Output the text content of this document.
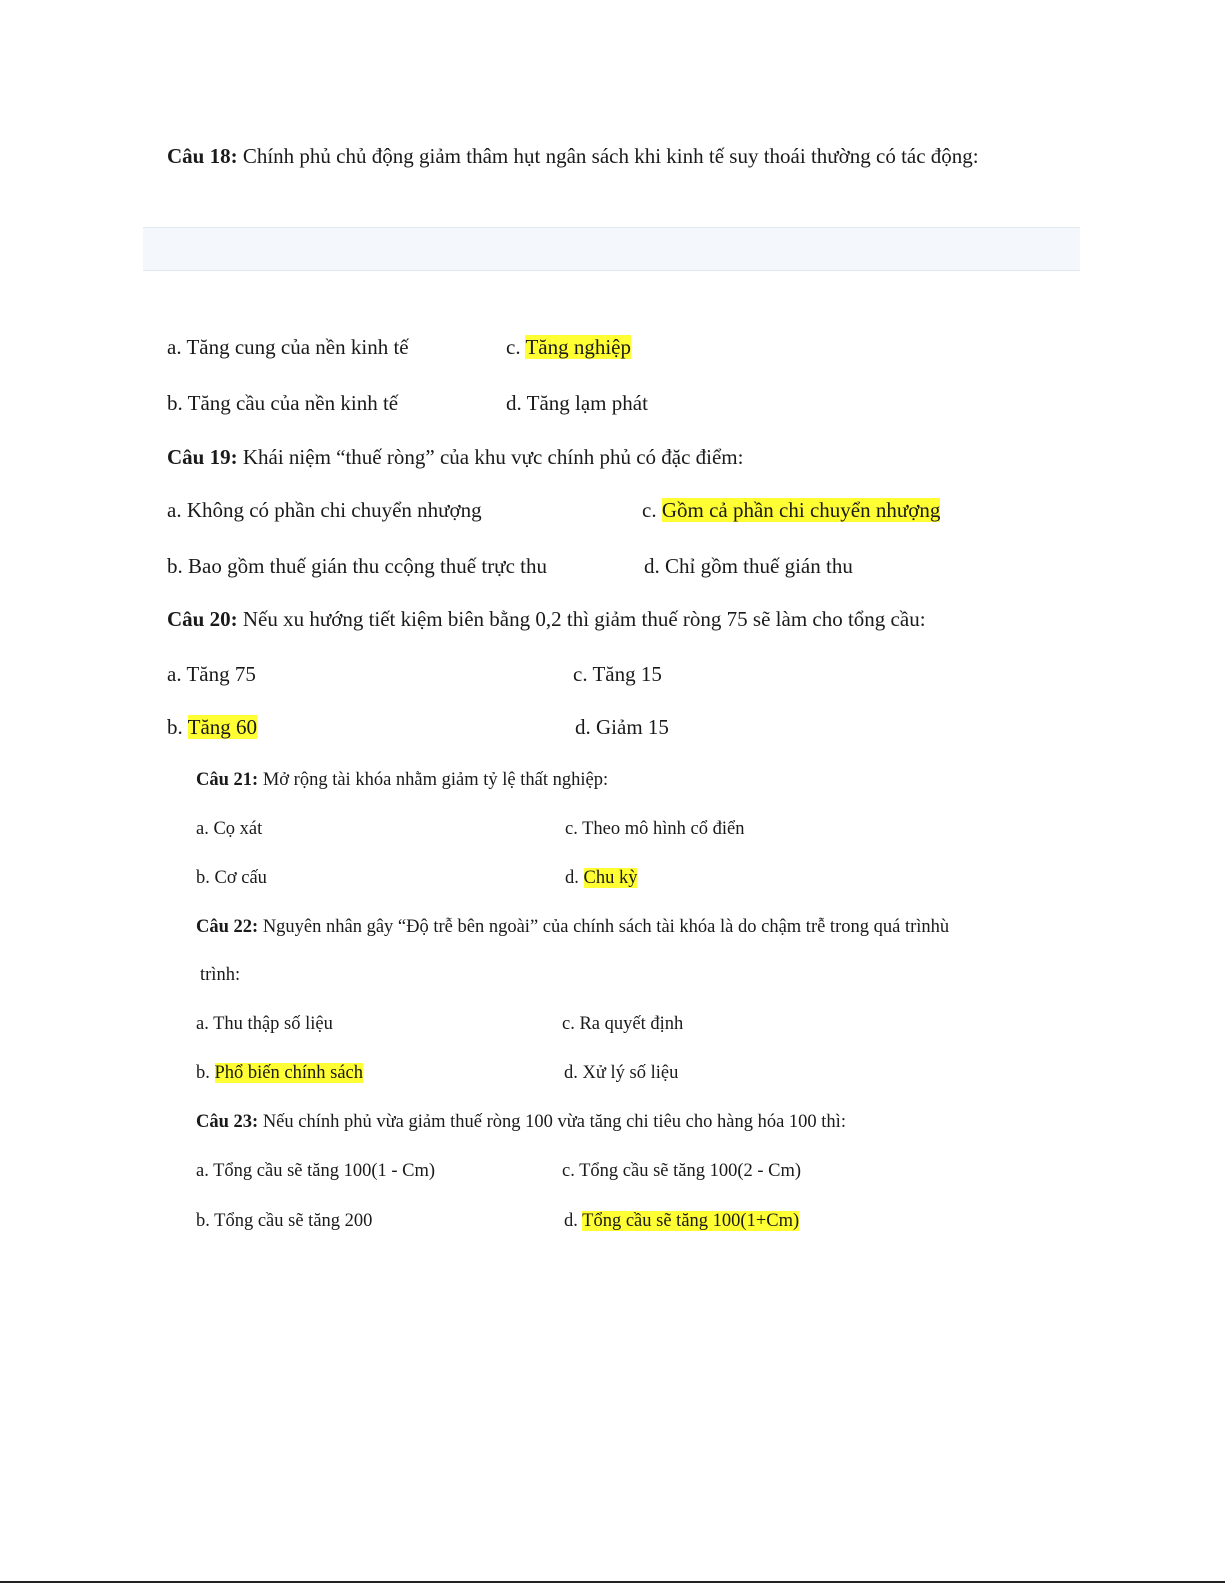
Câu 18: Chính phủ chủ động giảm thâm hụt ngân sách khi kinh tế suy thoái thường có tác động:
a. Tăng cung của nền kinh tế	c. Tăng nghiệp
b. Tăng cầu của nền kinh tế	d. Tăng lạm phát
Câu 19: Khái niệm “thuế ròng” của khu vực chính phủ có đặc điểm:
a. Không có phần chi chuyển nhượng	c. Gồm cả phần chi chuyển nhượng
b. Bao gồm thuế gián thu ccộng thuế trực thu	d. Chỉ gồm thuế gián thu
Câu 20: Nếu xu hướng tiết kiệm biên bằng 0,2 thì giảm thuế ròng 75 sẽ làm cho tổng cầu:
a. Tăng 75	c. Tăng 15
b. Tăng 60	d. Giảm 15
Câu 21: Mở rộng tài khóa nhằm giảm tỷ lệ thất nghiệp:
a. Cọ xát	c. Theo mô hình cổ điển
b. Cơ cấu	d. Chu kỳ
Câu 22: Nguyên nhân gây “Độ trễ bên ngoài” của chính sách tài khóa là do chậm trễ trong quá trìnhù
trình:
a. Thu thập số liệu	c. Ra quyết định
b. Phổ biến chính sách	d. Xử lý số liệu
Câu 23: Nếu chính phủ vừa giảm thuế ròng 100 vừa tăng chi tiêu cho hàng hóa 100 thì:
a. Tổng cầu sẽ tăng 100(1 - Cm)	c. Tổng cầu sẽ tăng 100(2 - Cm)
b. Tổng cầu sẽ tăng 200	d. Tổng cầu sẽ tăng 100(1+Cm)
